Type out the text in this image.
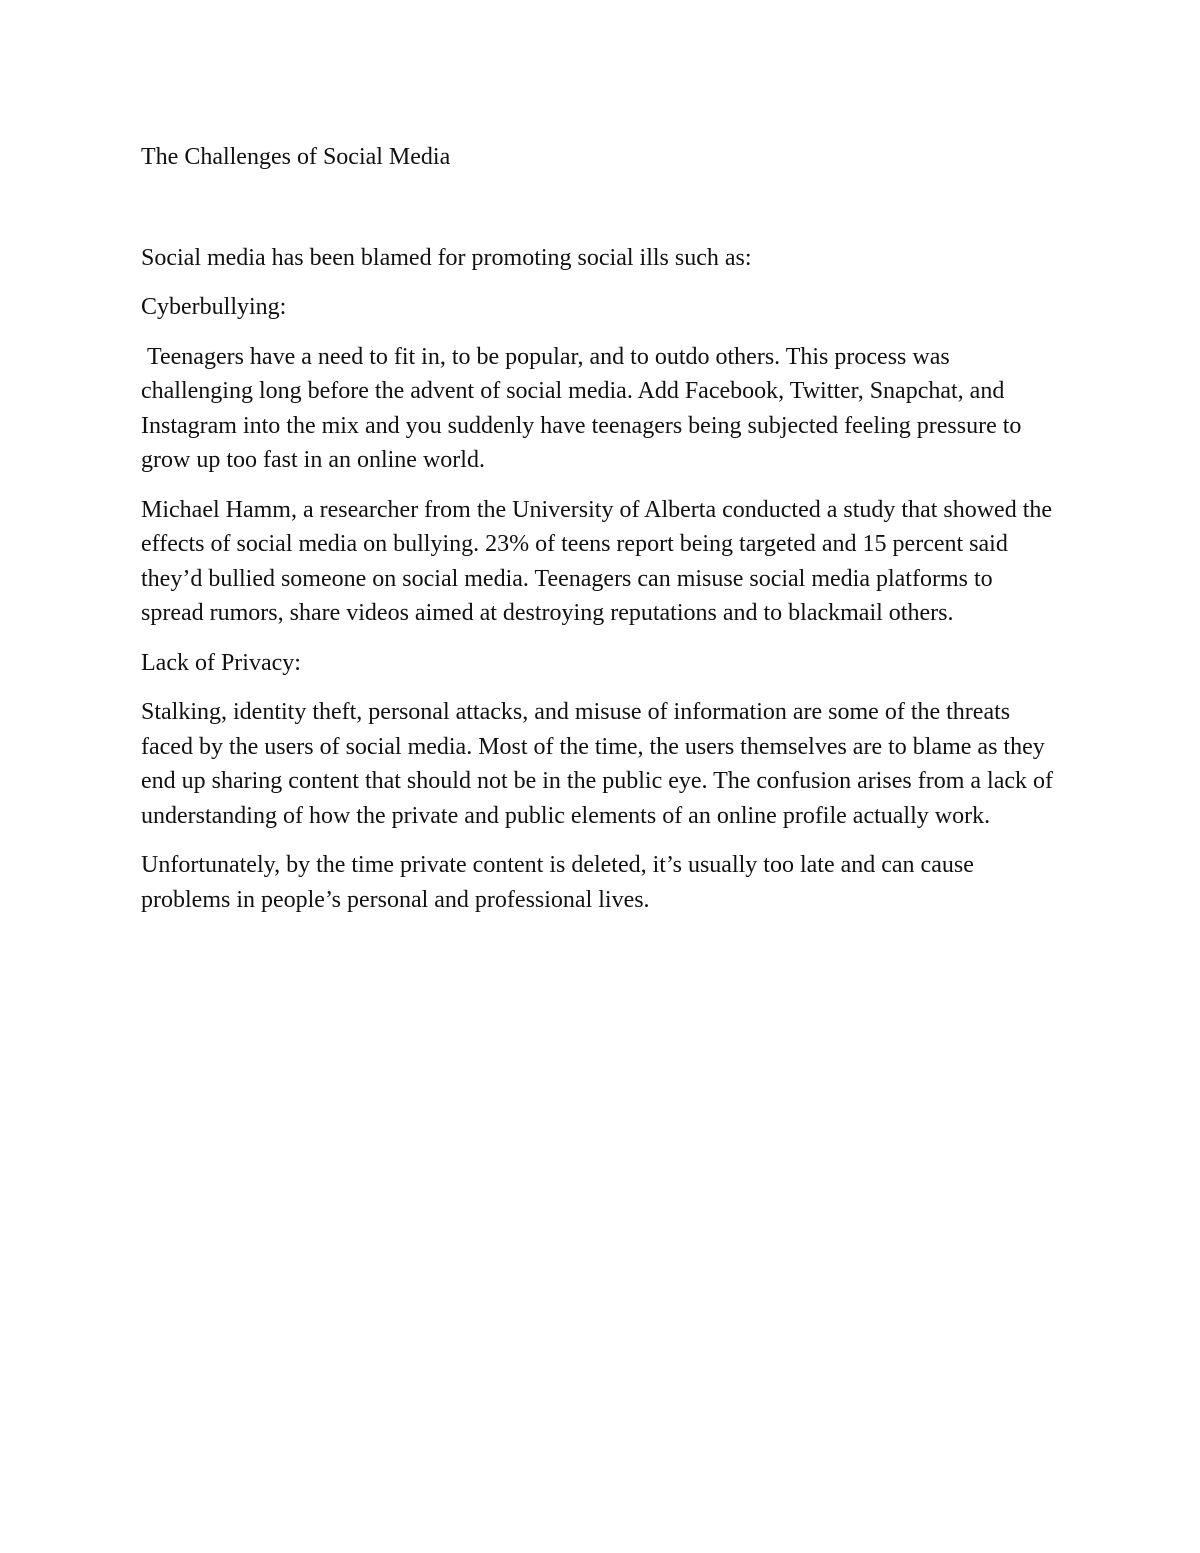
The Challenges of Social Media

Social media has been blamed for promoting social ills such as:

Cyberbullying:

Teenagers have a need to fit in, to be popular, and to outdo others. This process was challenging long before the advent of social media. Add Facebook, Twitter, Snapchat, and Instagram into the mix and you suddenly have teenagers being subjected feeling pressure to grow up too fast in an online world.

Michael Hamm, a researcher from the University of Alberta conducted a study that showed the effects of social media on bullying. 23% of teens report being targeted and 15 percent said they’d bullied someone on social media. Teenagers can misuse social media platforms to spread rumors, share videos aimed at destroying reputations and to blackmail others.

Lack of Privacy:

Stalking, identity theft, personal attacks, and misuse of information are some of the threats faced by the users of social media. Most of the time, the users themselves are to blame as they end up sharing content that should not be in the public eye. The confusion arises from a lack of understanding of how the private and public elements of an online profile actually work.

Unfortunately, by the time private content is deleted, it’s usually too late and can cause problems in people’s personal and professional lives.
